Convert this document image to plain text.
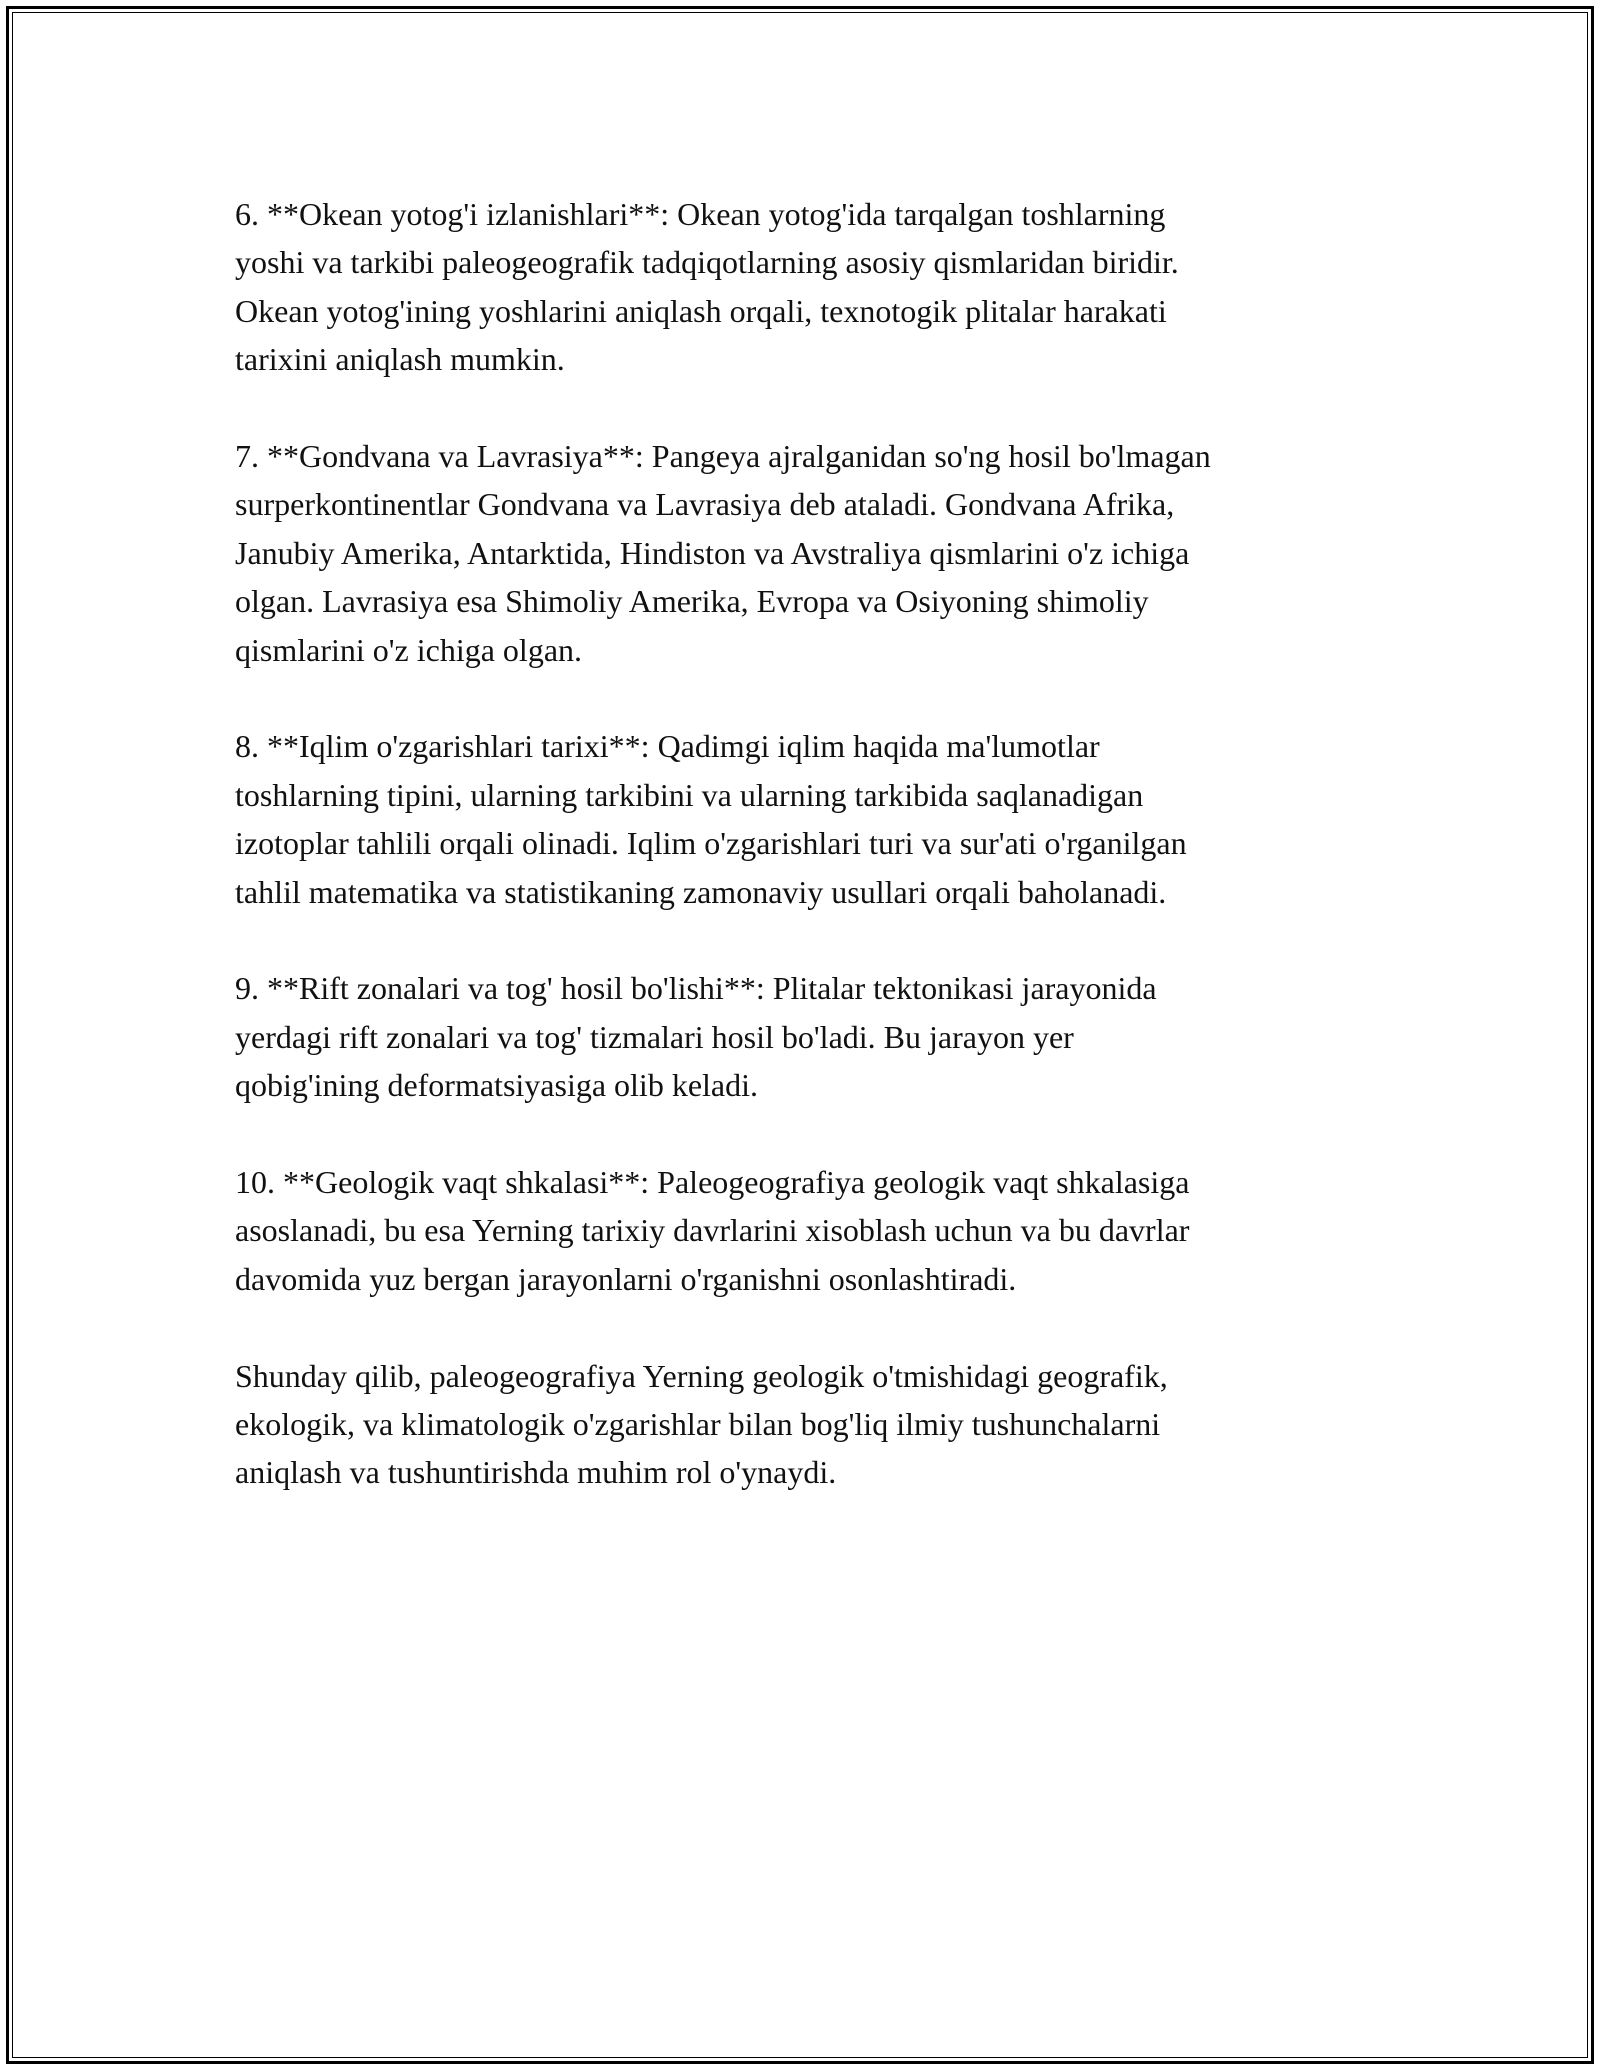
6. **Okean yotog'i izlanishlari**: Okean yotog'ida tarqalgan toshlarning
yoshi va tarkibi paleogeografik tadqiqotlarning asosiy qismlaridan biridir.
Okean yotog'ining yoshlarini aniqlash orqali, texnotogik plitalar harakati
tarixini aniqlash mumkin.

7. **Gondvana va Lavrasiya**: Pangeya ajralganidan so'ng hosil bo'lmagan
surperkontinentlar Gondvana va Lavrasiya deb ataladi. Gondvana Afrika,
Janubiy Amerika, Antarktida, Hindiston va Avstraliya qismlarini o'z ichiga
olgan. Lavrasiya esa Shimoliy Amerika, Evropa va Osiyoning shimoliy
qismlarini o'z ichiga olgan.

8. **Iqlim o'zgarishlari tarixi**: Qadimgi iqlim haqida ma'lumotlar
toshlarning tipini, ularning tarkibini va ularning tarkibida saqlanadigan
izotoplar tahlili orqali olinadi. Iqlim o'zgarishlari turi va sur'ati o'rganilgan
tahlil matematika va statistikaning zamonaviy usullari orqali baholanadi.

9. **Rift zonalari va tog' hosil bo'lishi**: Plitalar tektonikasi jarayonida
yerdagi rift zonalari va tog' tizmalari hosil bo'ladi. Bu jarayon yer
qobig'ining deformatsiyasiga olib keladi.

10. **Geologik vaqt shkalasi**: Paleogeografiya geologik vaqt shkalasiga
asoslanadi, bu esa Yerning tarixiy davrlarini xisoblash uchun va bu davrlar
davomida yuz bergan jarayonlarni o'rganishni osonlashtiradi.

Shunday qilib, paleogeografiya Yerning geologik o'tmishidagi geografik,
ekologik, va klimatologik o'zgarishlar bilan bog'liq ilmiy tushunchalarni
aniqlash va tushuntirishda muhim rol o'ynaydi.
